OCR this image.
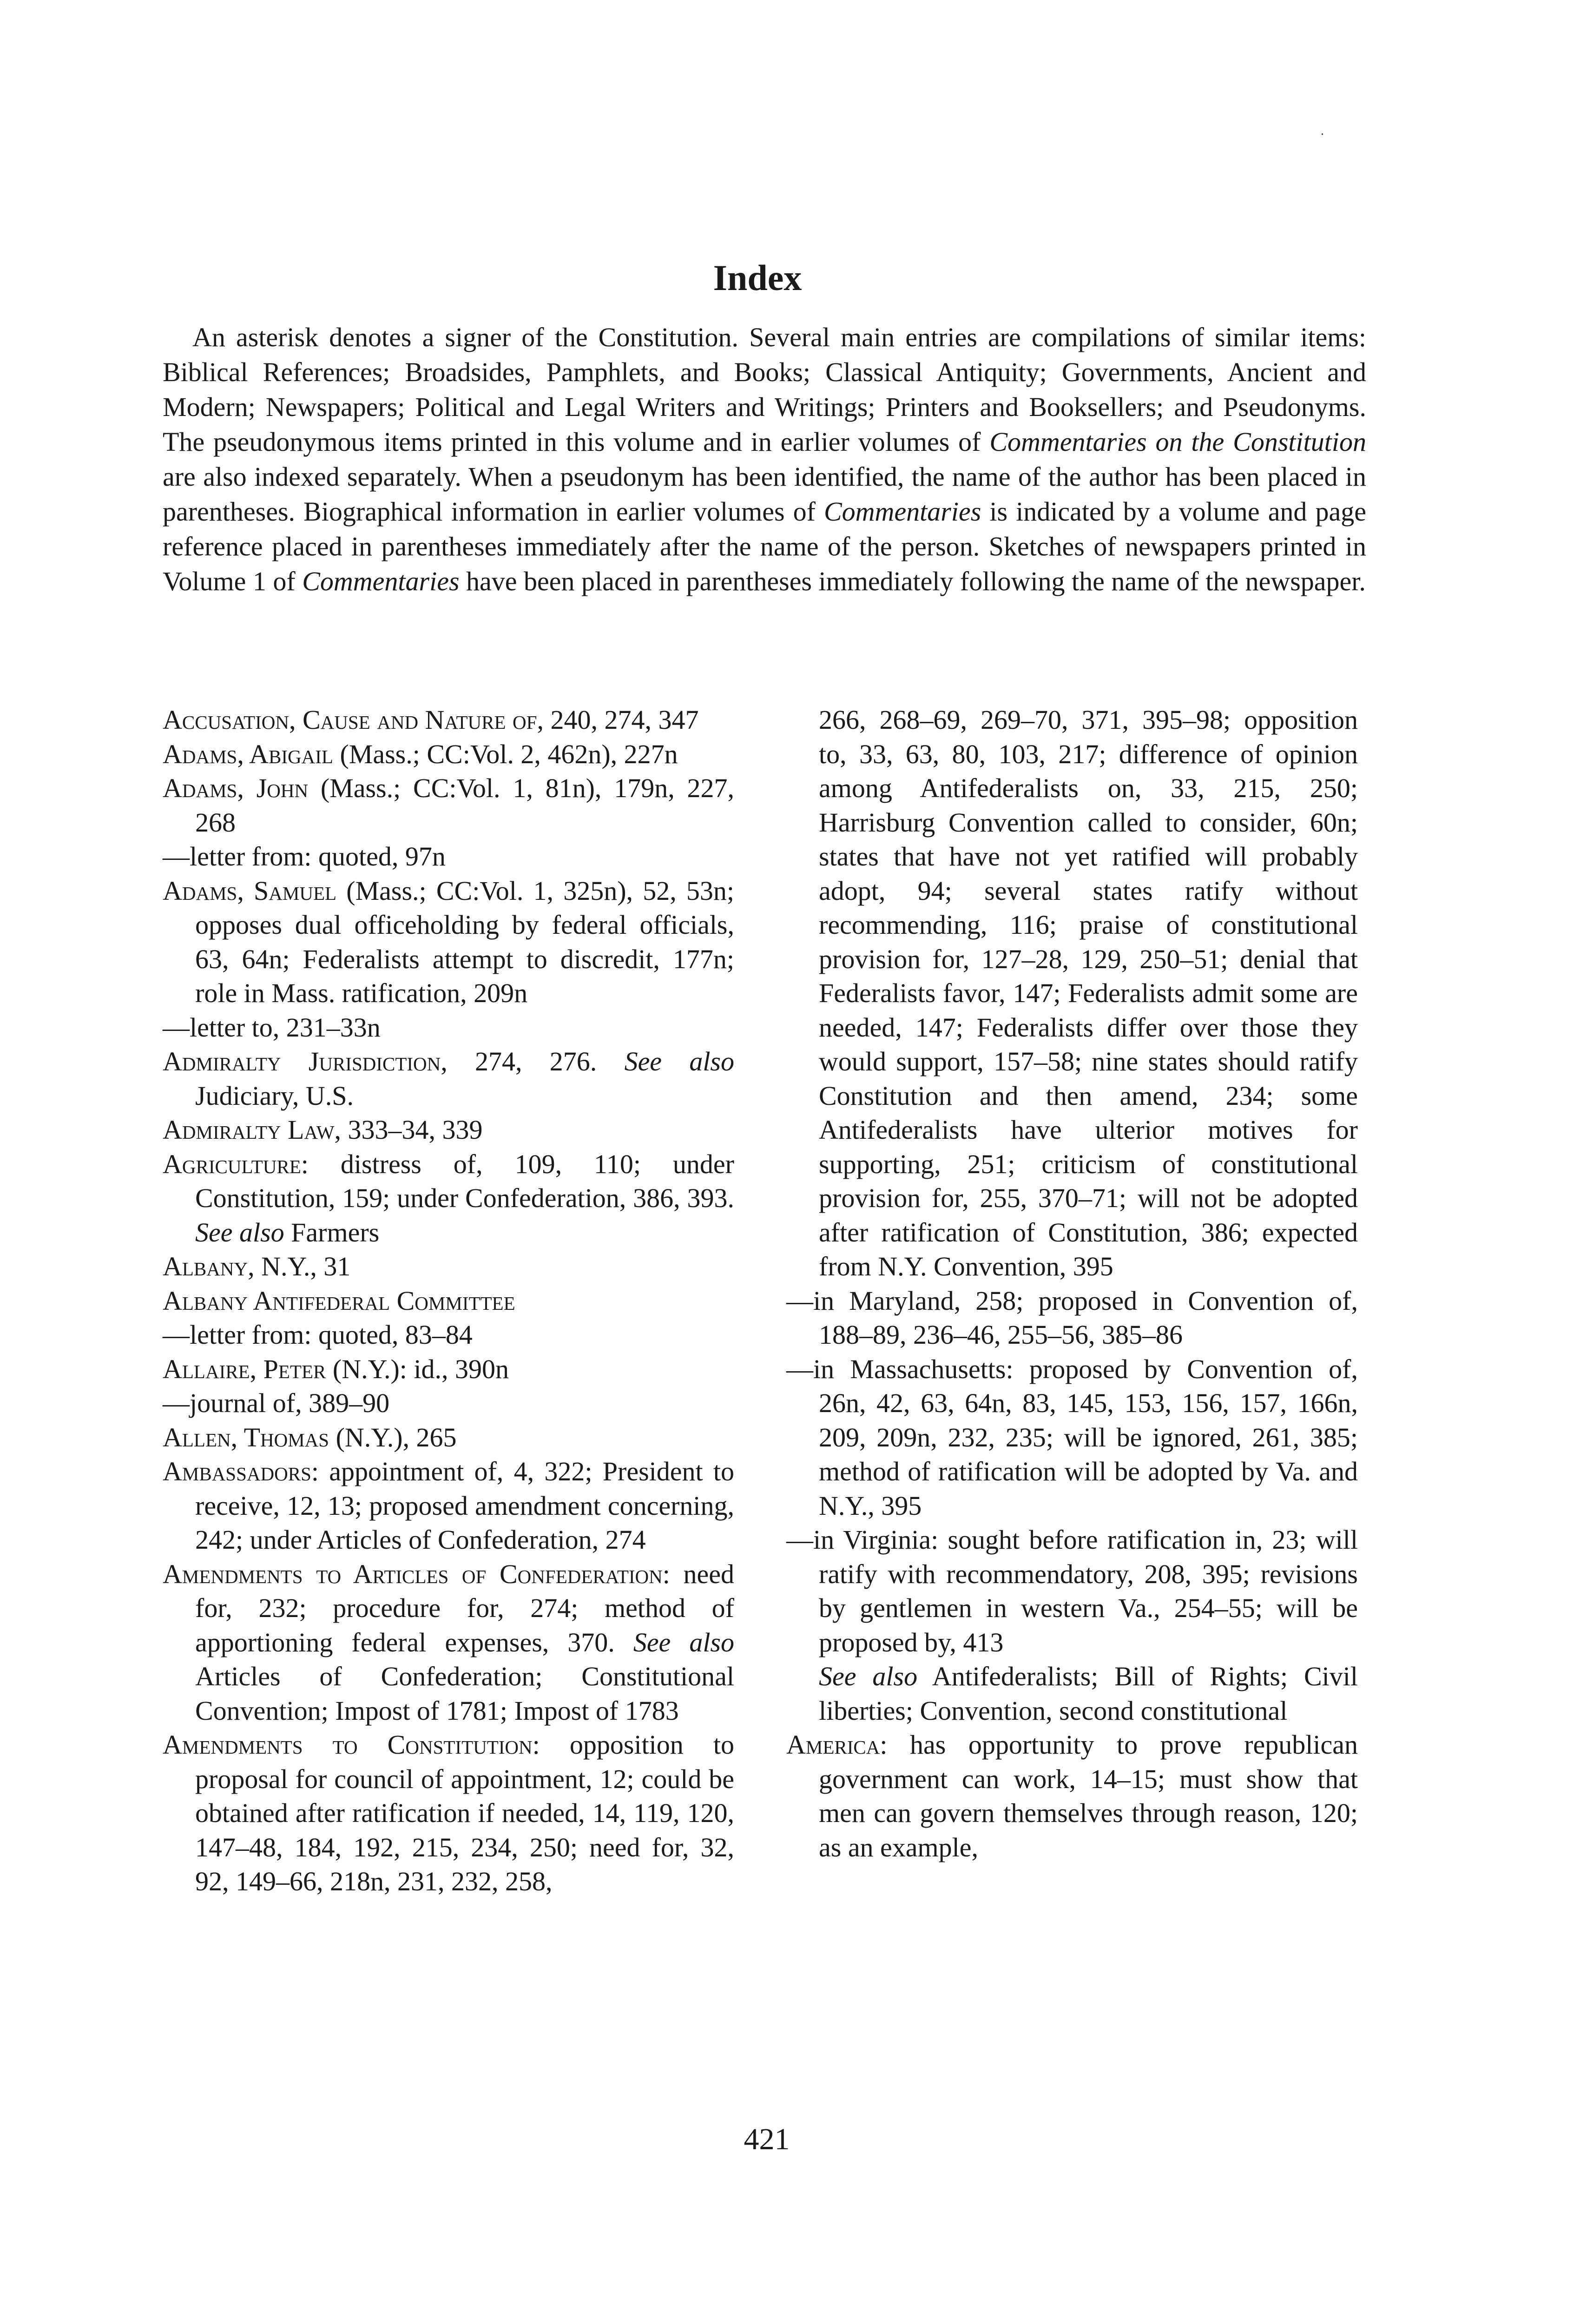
.
Index

An asterisk denotes a signer of the Constitution. Several main entries are compilations of similar items: Biblical References; Broadsides, Pamphlets, and Books; Classical Antiquity; Governments, Ancient and Modern; Newspapers; Political and Legal Writers and Writings; Printers and Booksellers; and Pseudonyms. The pseudonymous items printed in this volume and in earlier volumes of Commentaries on the Constitution are also indexed separately. When a pseudonym has been identified, the name of the author has been placed in parentheses. Biographical information in earlier volumes of Commentaries is indicated by a volume and page reference placed in parentheses immediately after the name of the person. Sketches of newspapers printed in Volume 1 of Commentaries have been placed in parentheses immediately following the name of the newspaper.

Accusation, Cause and Nature of, 240, 274, 347

Adams, Abigail (Mass.; CC:Vol. 2, 462n), 227n

Adams, John (Mass.; CC:Vol. 1, 81n), 179n, 227, 268

—letter from: quoted, 97n

Adams, Samuel (Mass.; CC:Vol. 1, 325n), 52, 53n; opposes dual officeholding by federal officials, 63, 64n; Federalists attempt to discredit, 177n; role in Mass. ratification, 209n

—letter to, 231–33n

Admiralty Jurisdiction, 274, 276. See also Judiciary, U.S.

Admiralty Law, 333–34, 339

Agriculture: distress of, 109, 110; under Constitution, 159; under Confederation, 386, 393. See also Farmers

Albany, N.Y., 31

Albany Antifederal Committee

—letter from: quoted, 83–84

Allaire, Peter (N.Y.): id., 390n

—journal of, 389–90

Allen, Thomas (N.Y.), 265

Ambassadors: appointment of, 4, 322; President to receive, 12, 13; proposed amendment concerning, 242; under Articles of Confederation, 274

Amendments to Articles of Confederation: need for, 232; procedure for, 274; method of apportioning federal expenses, 370. See also Articles of Confederation; Constitutional Convention; Impost of 1781; Impost of 1783

Amendments to Constitution: opposition to proposal for council of appointment, 12; could be obtained after ratification if needed, 14, 119, 120, 147–48, 184, 192, 215, 234, 250; need for, 32, 92, 149–66, 218n, 231, 232, 258,

266, 268–69, 269–70, 371, 395–98; opposition to, 33, 63, 80, 103, 217; difference of opinion among Antifederalists on, 33, 215, 250; Harrisburg Convention called to consider, 60n; states that have not yet ratified will probably adopt, 94; several states ratify without recommending, 116; praise of constitutional provision for, 127–28, 129, 250–51; denial that Federalists favor, 147; Federalists admit some are needed, 147; Federalists differ over those they would support, 157–58; nine states should ratify Constitution and then amend, 234; some Antifederalists have ulterior motives for supporting, 251; criticism of constitutional provision for, 255, 370–71; will not be adopted after ratification of Constitution, 386; expected from N.Y. Convention, 395

—in Maryland, 258; proposed in Convention of, 188–89, 236–46, 255–56, 385–86

—in Massachusetts: proposed by Convention of, 26n, 42, 63, 64n, 83, 145, 153, 156, 157, 166n, 209, 209n, 232, 235; will be ignored, 261, 385; method of ratification will be adopted by Va. and N.Y., 395

—in Virginia: sought before ratification in, 23; will ratify with recommendatory, 208, 395; revisions by gentlemen in western Va., 254–55; will be proposed by, 413

See also Antifederalists; Bill of Rights; Civil liberties; Convention, second constitutional

America: has opportunity to prove republican government can work, 14–15; must show that men can govern themselves through reason, 120; as an example,

421
